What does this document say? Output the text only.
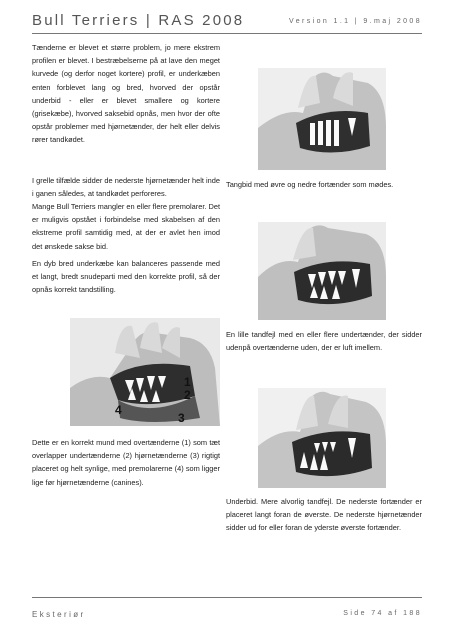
Bull Terriers | RAS 2008	Version 1.1 | 9.maj 2008

Tænderne er blevet et større problem, jo mere ekstrem profilen er blevet. I bestræbelserne på at lave den meget kurvede (og derfor noget kortere) profil, er underkæben enten forblevet lang og bred, hvorved der opstår underbid - eller er blevet smallere og kortere (grisekæbe), hvorved saksebid opnås, men hvor der ofte opstår problemer med hjørnetænder, der helt eller delvis rører tandkødet.

I grelle tilfælde sidder de nederste hjørnetænder helt inde i ganen således, at tandkødet perforeres.

Mange Bull Terriers mangler en eller flere premolarer. Det er muligvis opstået i forbindelse med skabelsen af den ekstreme profil samtidig med, at der er avlet hen imod det ønskede sakse bid.

En dyb bred underkæbe kan balanceres passende med et langt, bredt snudeparti med den korrekte profil, så der opnås korrekt tandstilling.

1
2
3
4

Dette er en korrekt mund med overtænderne (1) som tæt overlapper undertænderne (2) hjørnetænderne (3) rigtigt placeret og helt synlige, med premolarerne (4) som ligger lige før hjørnetænderne (canines).

Tangbid med øvre og nedre fortænder som mødes.

En lille tandfejl med en eller flere undertænder, der sidder udenpå overtænderne uden, der er luft imellem.

Underbid. Mere alvorlig tandfejl. De nederste fortænder er placeret langt foran de øverste. De nederste hjørnetænder sidder ud for eller foran de yderste øverste fortænder.

Eksteriør	Side 74 af 188
